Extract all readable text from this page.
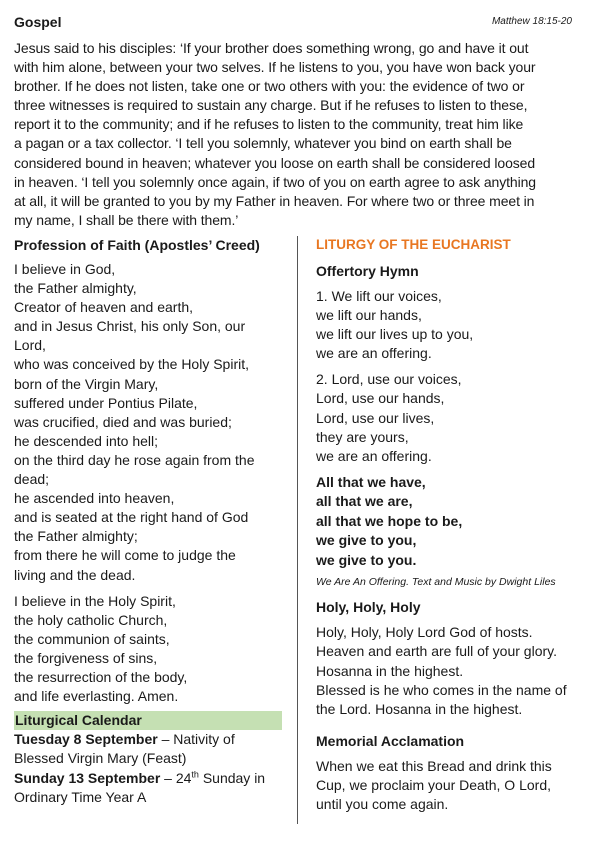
Gospel	Matthew 18:15-20

Jesus said to his disciples: ‘If your brother does something wrong, go and have it out
with him alone, between your two selves. If he listens to you, you have won back your
brother. If he does not listen, take one or two others with you: the evidence of two or
three witnesses is required to sustain any charge. But if he refuses to listen to these,
report it to the community; and if he refuses to listen to the community, treat him like
a pagan or a tax collector. ‘I tell you solemnly, whatever you bind on earth shall be
considered bound in heaven; whatever you loose on earth shall be considered loosed
in heaven. ‘I tell you solemnly once again, if two of you on earth agree to ask anything
at all, it will be granted to you by my Father in heaven. For where two or three meet in
my name, I shall be there with them.’

Profession of Faith (Apostles’ Creed)

I believe in God,
the Father almighty,
Creator of heaven and earth,
and in Jesus Christ, his only Son, our
Lord,
who was conceived by the Holy Spirit,
born of the Virgin Mary,
suffered under Pontius Pilate,
was crucified, died and was buried;
he descended into hell;
on the third day he rose again from the
dead;
he ascended into heaven,
and is seated at the right hand of God
the Father almighty;
from there he will come to judge the
living and the dead.

I believe in the Holy Spirit,
the holy catholic Church,
the communion of saints,
the forgiveness of sins,
the resurrection of the body,
and life everlasting. Amen.

Liturgical Calendar

Tuesday 8 September – Nativity of
Blessed Virgin Mary (Feast)

Sunday 13 September – 24th Sunday in
Ordinary Time Year A

LITURGY OF THE EUCHARIST

Offertory Hymn

1. We lift our voices,
we lift our hands,
we lift our lives up to you,
we are an offering.

2. Lord, use our voices,
Lord, use our hands,
Lord, use our lives,
they are yours,
we are an offering.

All that we have,
all that we are,
all that we hope to be,
we give to you,
we give to you.

We Are An Offering. Text and Music by Dwight Liles

Holy, Holy, Holy

Holy, Holy, Holy Lord God of hosts.
Heaven and earth are full of your glory.
Hosanna in the highest.
Blessed is he who comes in the name of
the Lord. Hosanna in the highest.

Memorial Acclamation

When we eat this Bread and drink this
Cup, we proclaim your Death, O Lord,
until you come again.
